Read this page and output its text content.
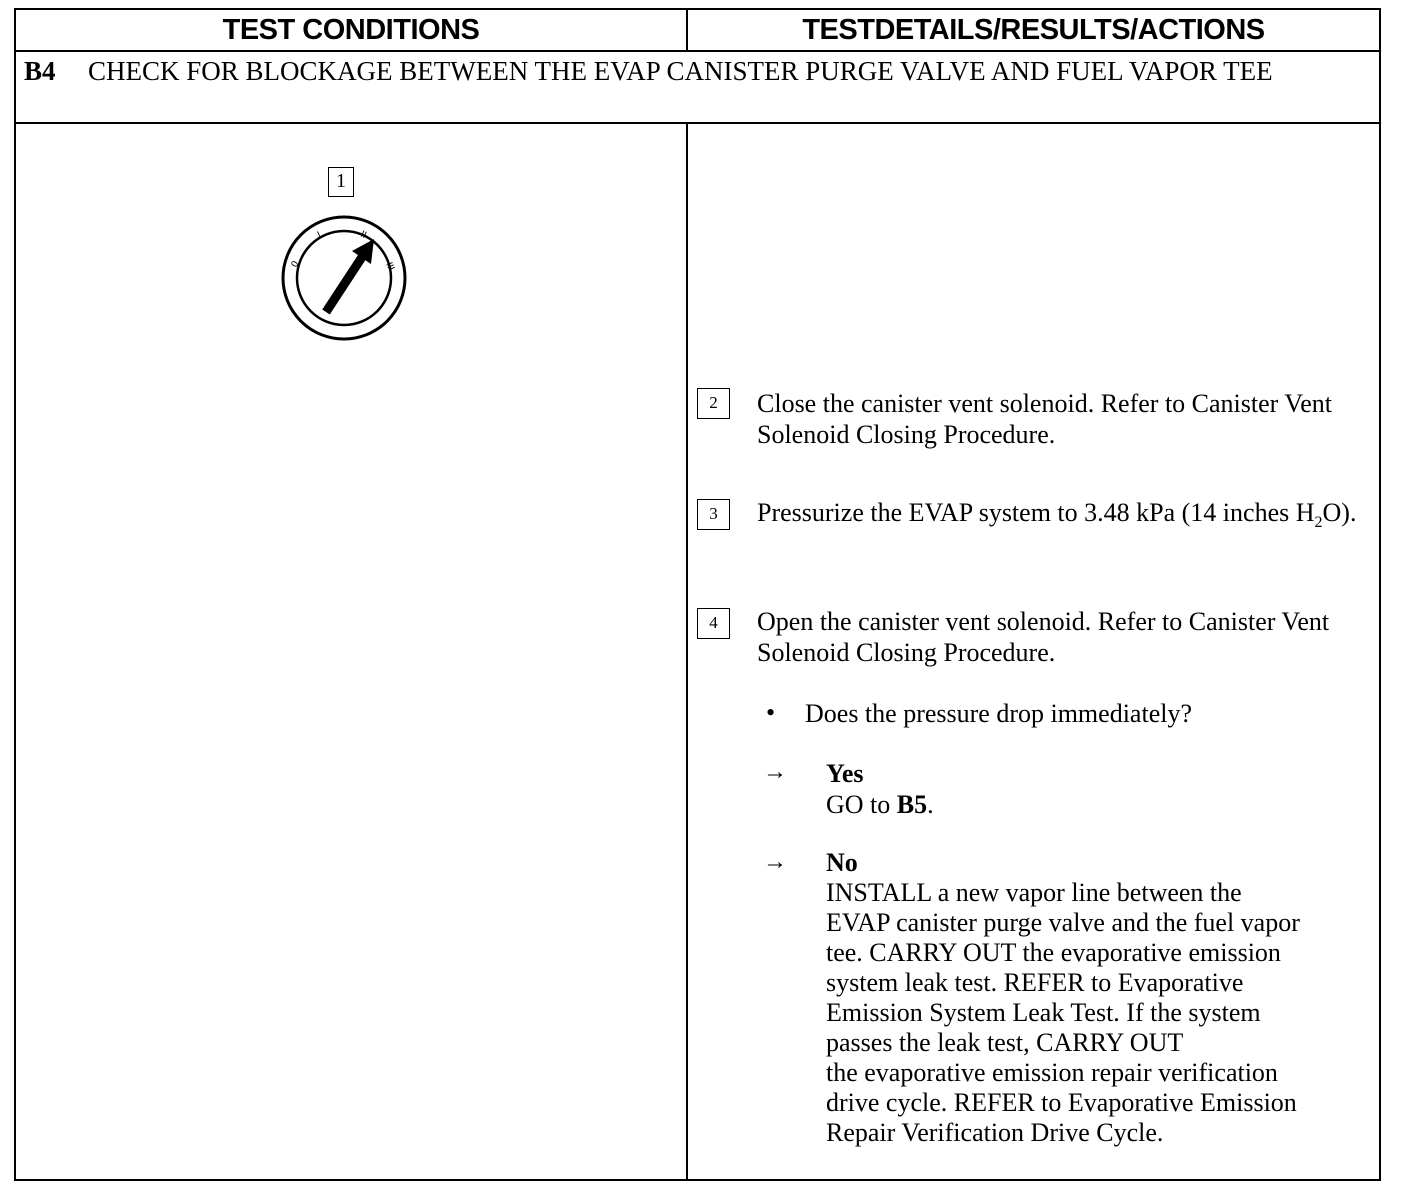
TEST CONDITIONS	TESTDETAILS/RESULTS/ACTIONS
B4 CHECK FOR BLOCKAGE BETWEEN THE EVAP CANISTER PURGE VALVE AND FUEL VAPOR TEE
1
0
I	II
III
2	Close the canister vent solenoid. Refer to Canister Vent Solenoid Closing Procedure.
3	Pressurize the EVAP system to 3.48 kPa (14 inches $H_2O$).
4	Open the canister vent solenoid. Refer to Canister Vent Solenoid Closing Procedure.
• Does the pressure drop immediately?
→ Yes
GO to B5.
→ No
INSTALL a new vapor line between the
EVAP canister purge valve and the fuel vapor
tee. CARRY OUT the evaporative emission
system leak test. REFER to Evaporative
Emission System Leak Test. If the system
passes the leak test, CARRY OUT
the evaporative emission repair verification
drive cycle. REFER to Evaporative Emission
Repair Verification Drive Cycle.
